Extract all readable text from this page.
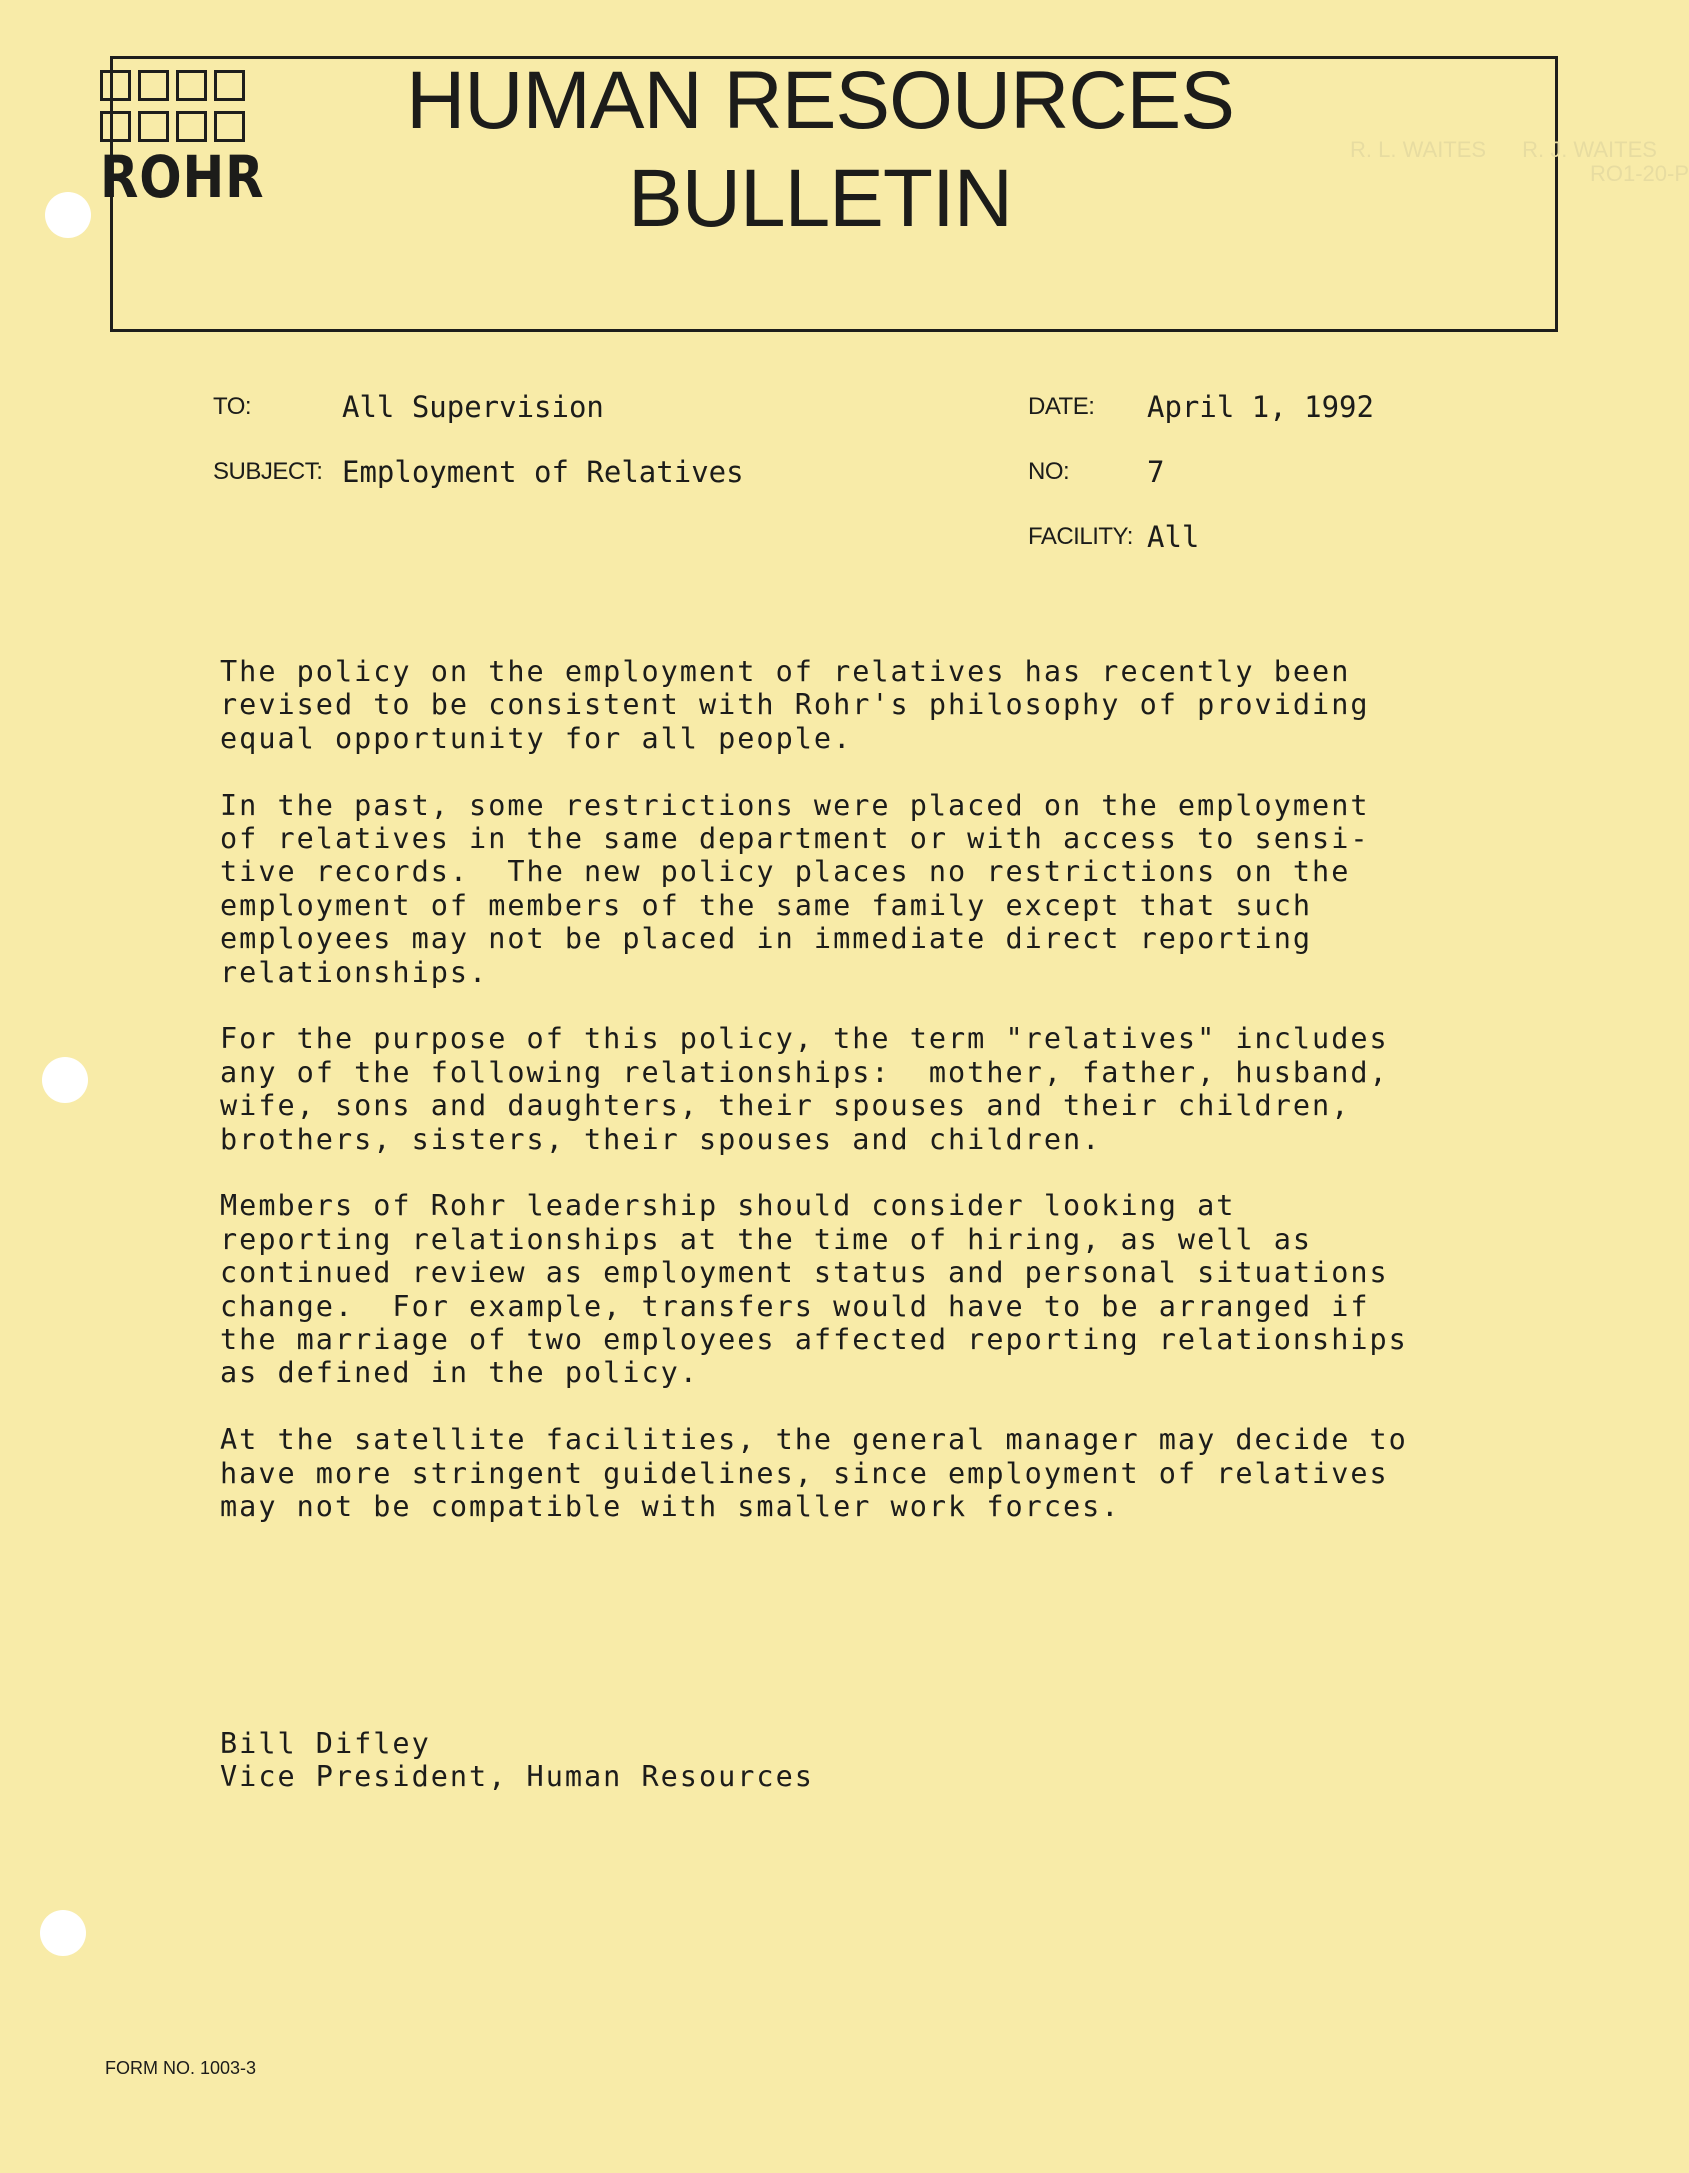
ROHR
HUMAN RESOURCES
BULLETIN
R. L. WAITES R. J. WAITES
RO1-20-P
TO:	All Supervision
SUBJECT: Employment of Relatives
DATE: April 1, 1992
NO:	7
FACILITY: All

The policy on the employment of relatives has recently been
revised to be consistent with Rohr's philosophy of providing
equal opportunity for all people.

In the past, some restrictions were placed on the employment
of relatives in the same department or with access to sensi-
tive records.  The new policy places no restrictions on the
employment of members of the same family except that such
employees may not be placed in immediate direct reporting
relationships.

For the purpose of this policy, the term "relatives" includes
any of the following relationships:  mother, father, husband,
wife, sons and daughters, their spouses and their children,
brothers, sisters, their spouses and children.

Members of Rohr leadership should consider looking at
reporting relationships at the time of hiring, as well as
continued review as employment status and personal situations
change.  For example, transfers would have to be arranged if
the marriage of two employees affected reporting relationships
as defined in the policy.

At the satellite facilities, the general manager may decide to
have more stringent guidelines, since employment of relatives
may not be compatible with smaller work forces.

Bill Difley
Vice President, Human Resources
FORM NO. 1003-3
